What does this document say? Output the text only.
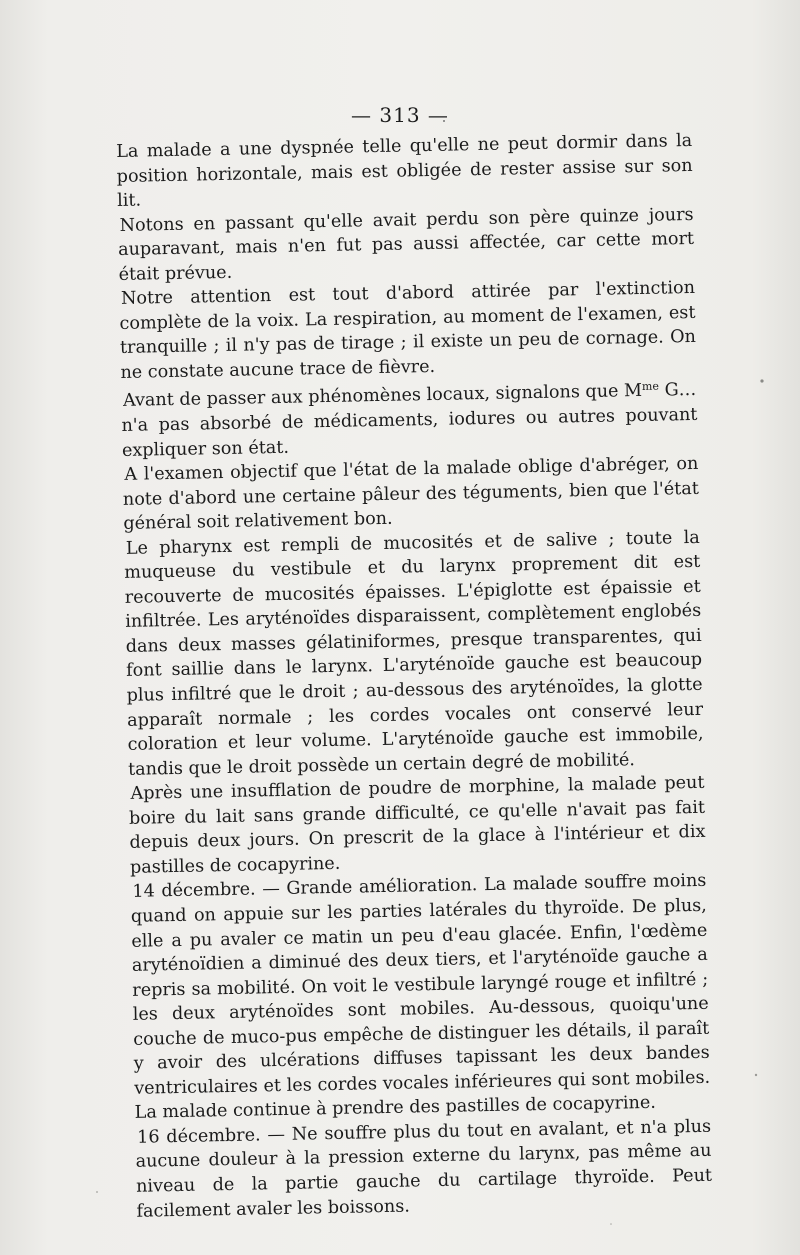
— 313 —

La malade a une dyspnée telle qu'elle ne peut dormir dans la position horizontale, mais est obligée de rester assise sur son lit.

Notons en passant qu'elle avait perdu son père quinze jours auparavant, mais n'en fut pas aussi affectée, car cette mort était prévue.

Notre attention est tout d'abord attirée par l'extinction complète de la voix. La respiration, au moment de l'examen, est tranquille ; il n'y pas de tirage ; il existe un peu de cornage. On ne constate aucune trace de fièvre.

Avant de passer aux phénomènes locaux, signalons que $M^{me}$ G…
n'a pas absorbé de médicaments, iodures ou autres pouvant expliquer son état.

A l'examen objectif que l'état de la malade oblige d'abréger, on note d'abord une certaine pâleur des téguments, bien que l'état général soit relativement bon.

Le pharynx est rempli de mucosités et de salive ; toute la muqueuse du vestibule et du larynx proprement dit est recouverte de mucosités épaisses. L'épiglotte est épaissie et infiltrée. Les aryténoïdes disparaissent, complètement englobés dans deux masses gélatiniformes, presque transparentes, qui font saillie dans le larynx. L'aryténoïde gauche est beaucoup plus infiltré que le droit ; au-dessous des aryténoïdes, la glotte apparaît normale ; les cordes vocales ont conservé leur coloration et leur volume. L'aryténoïde gauche est immobile, tandis que le droit possède un certain degré de mobilité.

Après une insufflation de poudre de morphine, la malade peut boire du lait sans grande difficulté, ce qu'elle n'avait pas fait depuis deux jours. On prescrit de la glace à l'intérieur et dix pastilles de cocapyrine.

14 décembre. — Grande amélioration. La malade souffre moins quand on appuie sur les parties latérales du thyroïde. De plus, elle a pu avaler ce matin un peu d'eau glacée. Enfin, l'œdème aryténoïdien a diminué des deux tiers, et l'aryténoïde gauche a repris sa mobilité. On voit le vestibule laryngé rouge et infiltré ; les deux aryténoïdes sont mobiles. Au-dessous, quoiqu'une couche de muco-pus empêche de distinguer les détails, il paraît y avoir des ulcérations diffuses tapissant les deux bandes ventriculaires et les cordes vocales inférieures qui sont mobiles. La malade continue à prendre des pastilles de cocapyrine.

16 décembre. — Ne souffre plus du tout en avalant, et n'a plus aucune douleur à la pression externe du larynx, pas même au niveau de la partie gauche du cartilage thyroïde. Peut facilement avaler les boissons.
